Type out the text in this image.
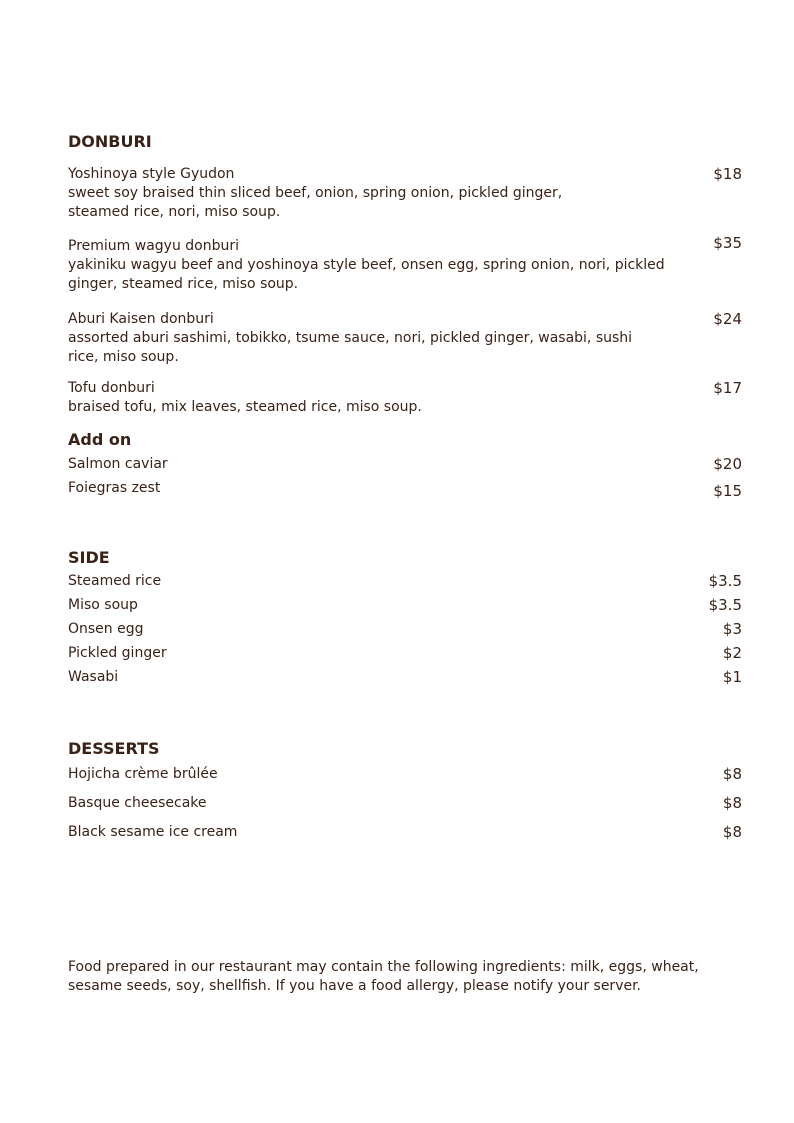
DONBURI
Yoshinoya style Gyudon
sweet soy braised thin sliced beef, onion, spring onion, pickled ginger, steamed rice, nori, miso soup.
$18
Premium wagyu donburi
yakiniku wagyu beef and yoshinoya style beef, onsen egg, spring onion, nori, pickled ginger, steamed rice, miso soup.
$35
Aburi Kaisen donburi
assorted aburi sashimi, tobikko, tsume sauce, nori, pickled ginger, wasabi, sushi rice, miso soup.
$24
Tofu donburi
braised tofu, mix leaves, steamed rice, miso soup.
$17
Add on
Salmon caviar	$20
Foiegras zest	$15
SIDE
Steamed rice	$3.5
Miso soup	$3.5
Onsen egg	$3
Pickled ginger	$2
Wasabi	$1
DESSERTS
Hojicha crème brûlée	$8
Basque cheesecake	$8
Black sesame ice cream	$8

Food prepared in our restaurant may contain the following ingredients: milk, eggs, wheat, sesame seeds, soy, shellfish. If you have a food allergy, please notify your server.
